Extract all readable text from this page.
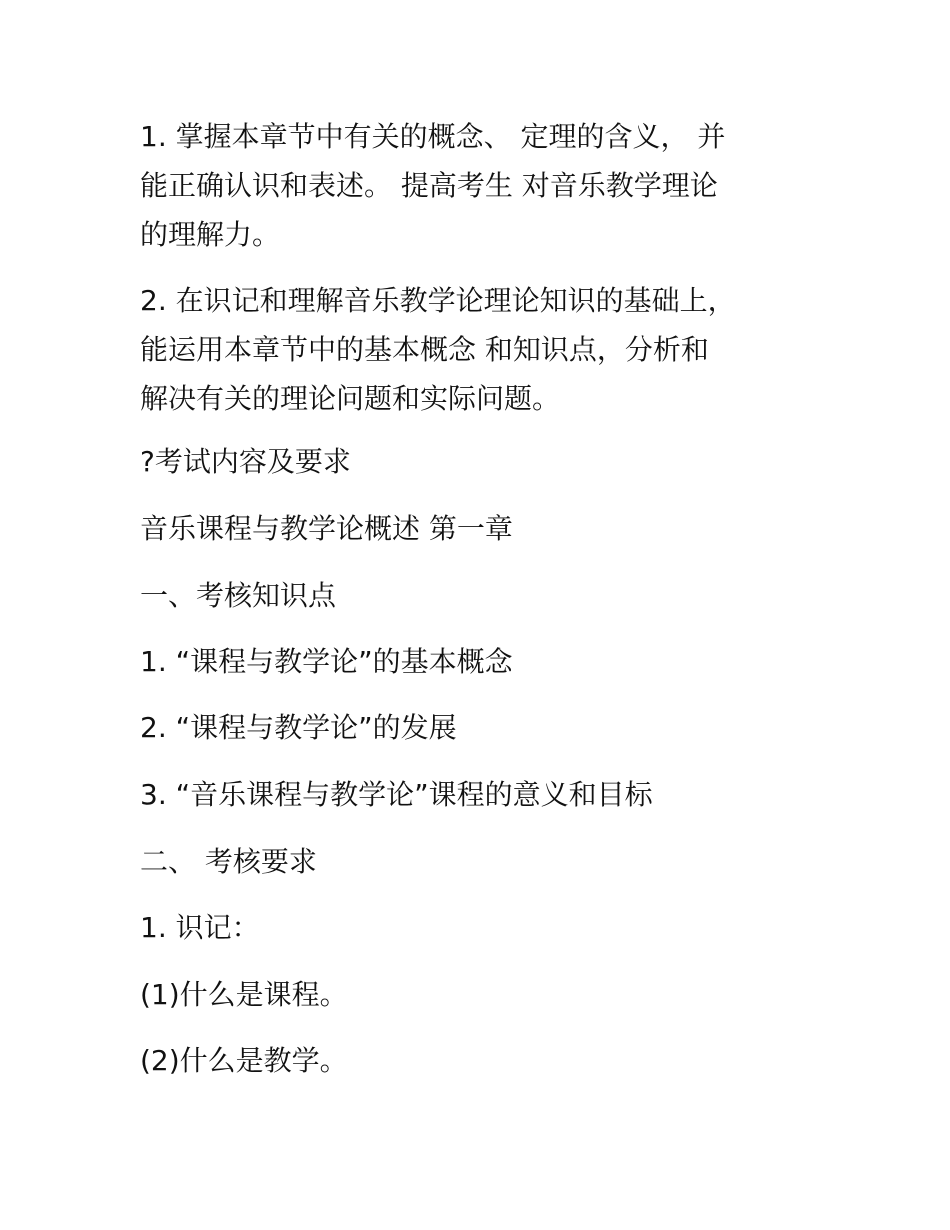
1. 掌握本章节中有关的概念、 定理的含义， 并
能正确认识和表述。 提高考生 对音乐教学理论
的理解力。

2. 在识记和理解音乐教学论理论知识的基础上，
能运用本章节中的基本概念 和知识点，分析和
解决有关的理论问题和实际问题。

?考试内容及要求

音乐课程与教学论概述 第一章

一、考核知识点

1. “课程与教学论”的基本概念

2. “课程与教学论”的发展

3. “音乐课程与教学论”课程的意义和目标

二、 考核要求

1. 识记：

(1)什么是课程。

(2)什么是教学。
